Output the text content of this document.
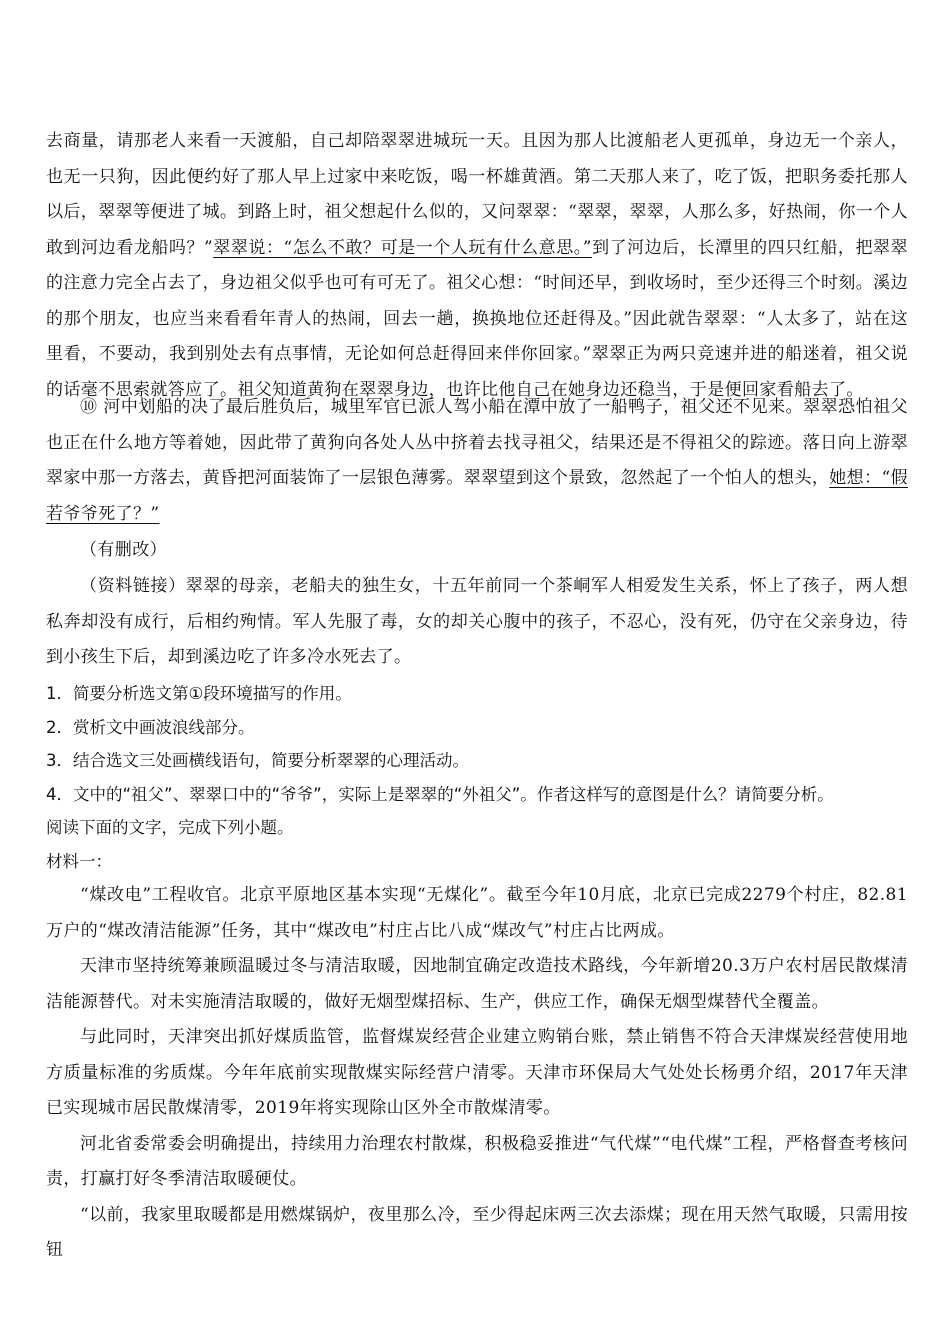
去商量，请那老人来看一天渡船，自己却陪翠翠进城玩一天。且因为那人比渡船老人更孤单，身边无一个亲人，也无一只狗，因此便约好了那人早上过家中来吃饭，喝一杯雄黄酒。第二天那人来了，吃了饭，把职务委托那人以后，翠翠等便进了城。到路上时，祖父想起什么似的，又问翠翠：“翠翠，翠翠，人那么多，好热闹，你一个人敢到河边看龙船吗？”翠翠说：“怎么不敢？可是一个人玩有什么意思。”到了河边后，长潭里的四只红船，把翠翠的注意力完全占去了，身边祖父似乎也可有可无了。祖父心想：“时间还早，到收场时，至少还得三个时刻。溪边的那个朋友，也应当来看看年青人的热闹，回去一趟，换换地位还赶得及。”因此就告翠翠：“人太多了，站在这里看，不要动，我到别处去有点事情，无论如何总赶得回来伴你回家。”翠翠正为两只竞速并进的船迷着，祖父说的话毫不思索就答应了。祖父知道黄狗在翠翠身边，也许比他自己在她身边还稳当，于是便回家看船去了。

⑩ 河中划船的决了最后胜负后，城里军官已派人驾小船在潭中放了一船鸭子，祖父还不见来。翠翠恐怕祖父也正在什么地方等着她，因此带了黄狗向各处人丛中挤着去找寻祖父，结果还是不得祖父的踪迹。落日向上游翠翠家中那一方落去，黄昏把河面装饰了一层银色薄雾。翠翠望到这个景致，忽然起了一个怕人的想头，她想：“假若爷爷死了？”

（有删改）

（资料链接）翠翠的母亲，老船夫的独生女，十五年前同一个茶峒军人相爱发生关系，怀上了孩子，两人想私奔却没有成行，后相约殉情。军人先服了毒，女的却关心腹中的孩子，不忍心，没有死，仍守在父亲身边，待到小孩生下后，却到溪边吃了许多冷水死去了。

1．简要分析选文第①段环境描写的作用。

2．赏析文中画波浪线部分。

3．结合选文三处画横线语句，简要分析翠翠的心理活动。

4．文中的“祖父”、翠翠口中的“爷爷”，实际上是翠翠的“外祖父”。作者这样写的意图是什么？请简要分析。

阅读下面的文字，完成下列小题。

材料一：

“煤改电”工程收官。北京平原地区基本实现“无煤化”。截至今年10月底，北京已完成2279个村庄，82.81万户的“煤改清洁能源”任务，其中“煤改电”村庄占比八成“煤改气”村庄占比两成。

天津市坚持统筹兼顾温暖过冬与清洁取暖，因地制宜确定改造技术路线，今年新增20.3万户农村居民散煤清洁能源替代。对未实施清洁取暖的，做好无烟型煤招标、生产，供应工作，确保无烟型煤替代全覆盖。

与此同时，天津突出抓好煤质监管，监督煤炭经营企业建立购销台账，禁止销售不符合天津煤炭经营使用地方质量标准的劣质煤。今年年底前实现散煤实际经营户清零。天津市环保局大气处处长杨勇介绍，2017年天津已实现城市居民散煤清零，2019年将实现除山区外全市散煤清零。

河北省委常委会明确提出，持续用力治理农村散煤，积极稳妥推进“气代煤”“电代煤”工程，严格督查考核问责，打赢打好冬季清洁取暖硬仗。

“以前，我家里取暖都是用燃煤锅炉，夜里那么冷，至少得起床两三次去添煤；现在用天然气取暖，只需用按钮
